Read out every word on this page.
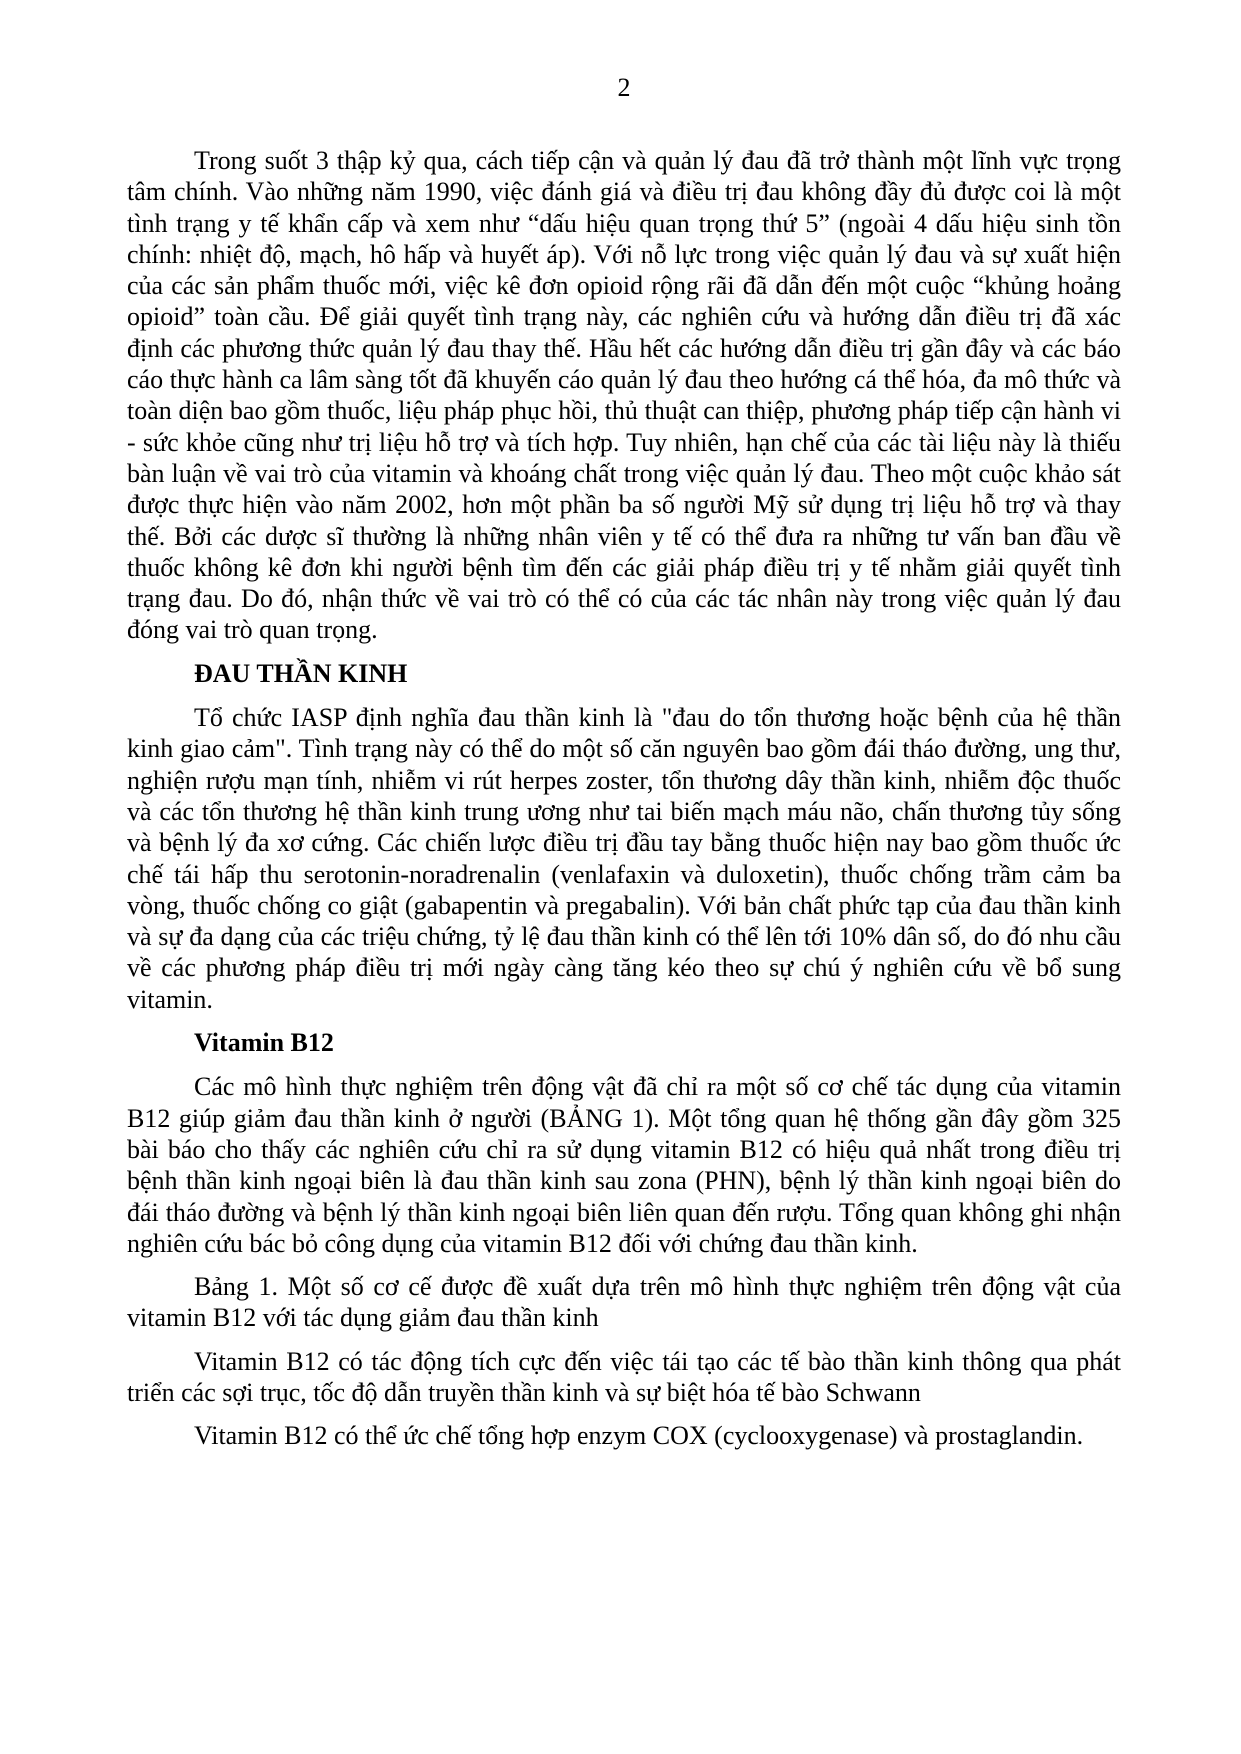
2

Trong suốt 3 thập kỷ qua, cách tiếp cận và quản lý đau đã trở thành một lĩnh vực trọng tâm chính. Vào những năm 1990, việc đánh giá và điều trị đau không đầy đủ được coi là một tình trạng y tế khẩn cấp và xem như “dấu hiệu quan trọng thứ 5” (ngoài 4 dấu hiệu sinh tồn chính: nhiệt độ, mạch, hô hấp và huyết áp). Với nỗ lực trong việc quản lý đau và sự xuất hiện của các sản phẩm thuốc mới, việc kê đơn opioid rộng rãi đã dẫn đến một cuộc “khủng hoảng opioid” toàn cầu. Để giải quyết tình trạng này, các nghiên cứu và hướng dẫn điều trị đã xác định các phương thức quản lý đau thay thế. Hầu hết các hướng dẫn điều trị gần đây và các báo cáo thực hành ca lâm sàng tốt đã khuyến cáo quản lý đau theo hướng cá thể hóa, đa mô thức và toàn diện bao gồm thuốc, liệu pháp phục hồi, thủ thuật can thiệp, phương pháp tiếp cận hành vi - sức khỏe cũng như trị liệu hỗ trợ và tích hợp. Tuy nhiên, hạn chế của các tài liệu này là thiếu bàn luận về vai trò của vitamin và khoáng chất trong việc quản lý đau. Theo một cuộc khảo sát được thực hiện vào năm 2002, hơn một phần ba số người Mỹ sử dụng trị liệu hỗ trợ và thay thế. Bởi các dược sĩ thường là những nhân viên y tế có thể đưa ra những tư vấn ban đầu về thuốc không kê đơn khi người bệnh tìm đến các giải pháp điều trị y tế nhằm giải quyết tình trạng đau. Do đó, nhận thức về vai trò có thể có của các tác nhân này trong việc quản lý đau đóng vai trò quan trọng.

ĐAU THẦN KINH

Tổ chức IASP định nghĩa đau thần kinh là "đau do tổn thương hoặc bệnh của hệ thần kinh giao cảm". Tình trạng này có thể do một số căn nguyên bao gồm đái tháo đường, ung thư, nghiện rượu mạn tính, nhiễm vi rút herpes zoster, tổn thương dây thần kinh, nhiễm độc thuốc và các tổn thương hệ thần kinh trung ương như tai biến mạch máu não, chấn thương tủy sống và bệnh lý đa xơ cứng. Các chiến lược điều trị đầu tay bằng thuốc hiện nay bao gồm thuốc ức chế tái hấp thu serotonin-noradrenalin (venlafaxin và duloxetin), thuốc chống trầm cảm ba vòng, thuốc chống co giật (gabapentin và pregabalin). Với bản chất phức tạp của đau thần kinh và sự đa dạng của các triệu chứng, tỷ lệ đau thần kinh có thể lên tới 10% dân số, do đó nhu cầu về các phương pháp điều trị mới ngày càng tăng kéo theo sự chú ý nghiên cứu về bổ sung vitamin.

Vitamin B12

Các mô hình thực nghiệm trên động vật đã chỉ ra một số cơ chế tác dụng của vitamin B12 giúp giảm đau thần kinh ở người (BẢNG 1). Một tổng quan hệ thống gần đây gồm 325 bài báo cho thấy các nghiên cứu chỉ ra sử dụng vitamin B12 có hiệu quả nhất trong điều trị bệnh thần kinh ngoại biên là đau thần kinh sau zona (PHN), bệnh lý thần kinh ngoại biên do đái tháo đường và bệnh lý thần kinh ngoại biên liên quan đến rượu. Tổng quan không ghi nhận nghiên cứu bác bỏ công dụng của vitamin B12 đối với chứng đau thần kinh.

Bảng 1. Một số cơ cế được đề xuất dựa trên mô hình thực nghiệm trên động vật của vitamin B12 với tác dụng giảm đau thần kinh

Vitamin B12 có tác động tích cực đến việc tái tạo các tế bào thần kinh thông qua phát triển các sợi trục, tốc độ dẫn truyền thần kinh và sự biệt hóa tế bào Schwann

Vitamin B12 có thể ức chế tổng hợp enzym COX (cyclooxygenase) và prostaglandin.
